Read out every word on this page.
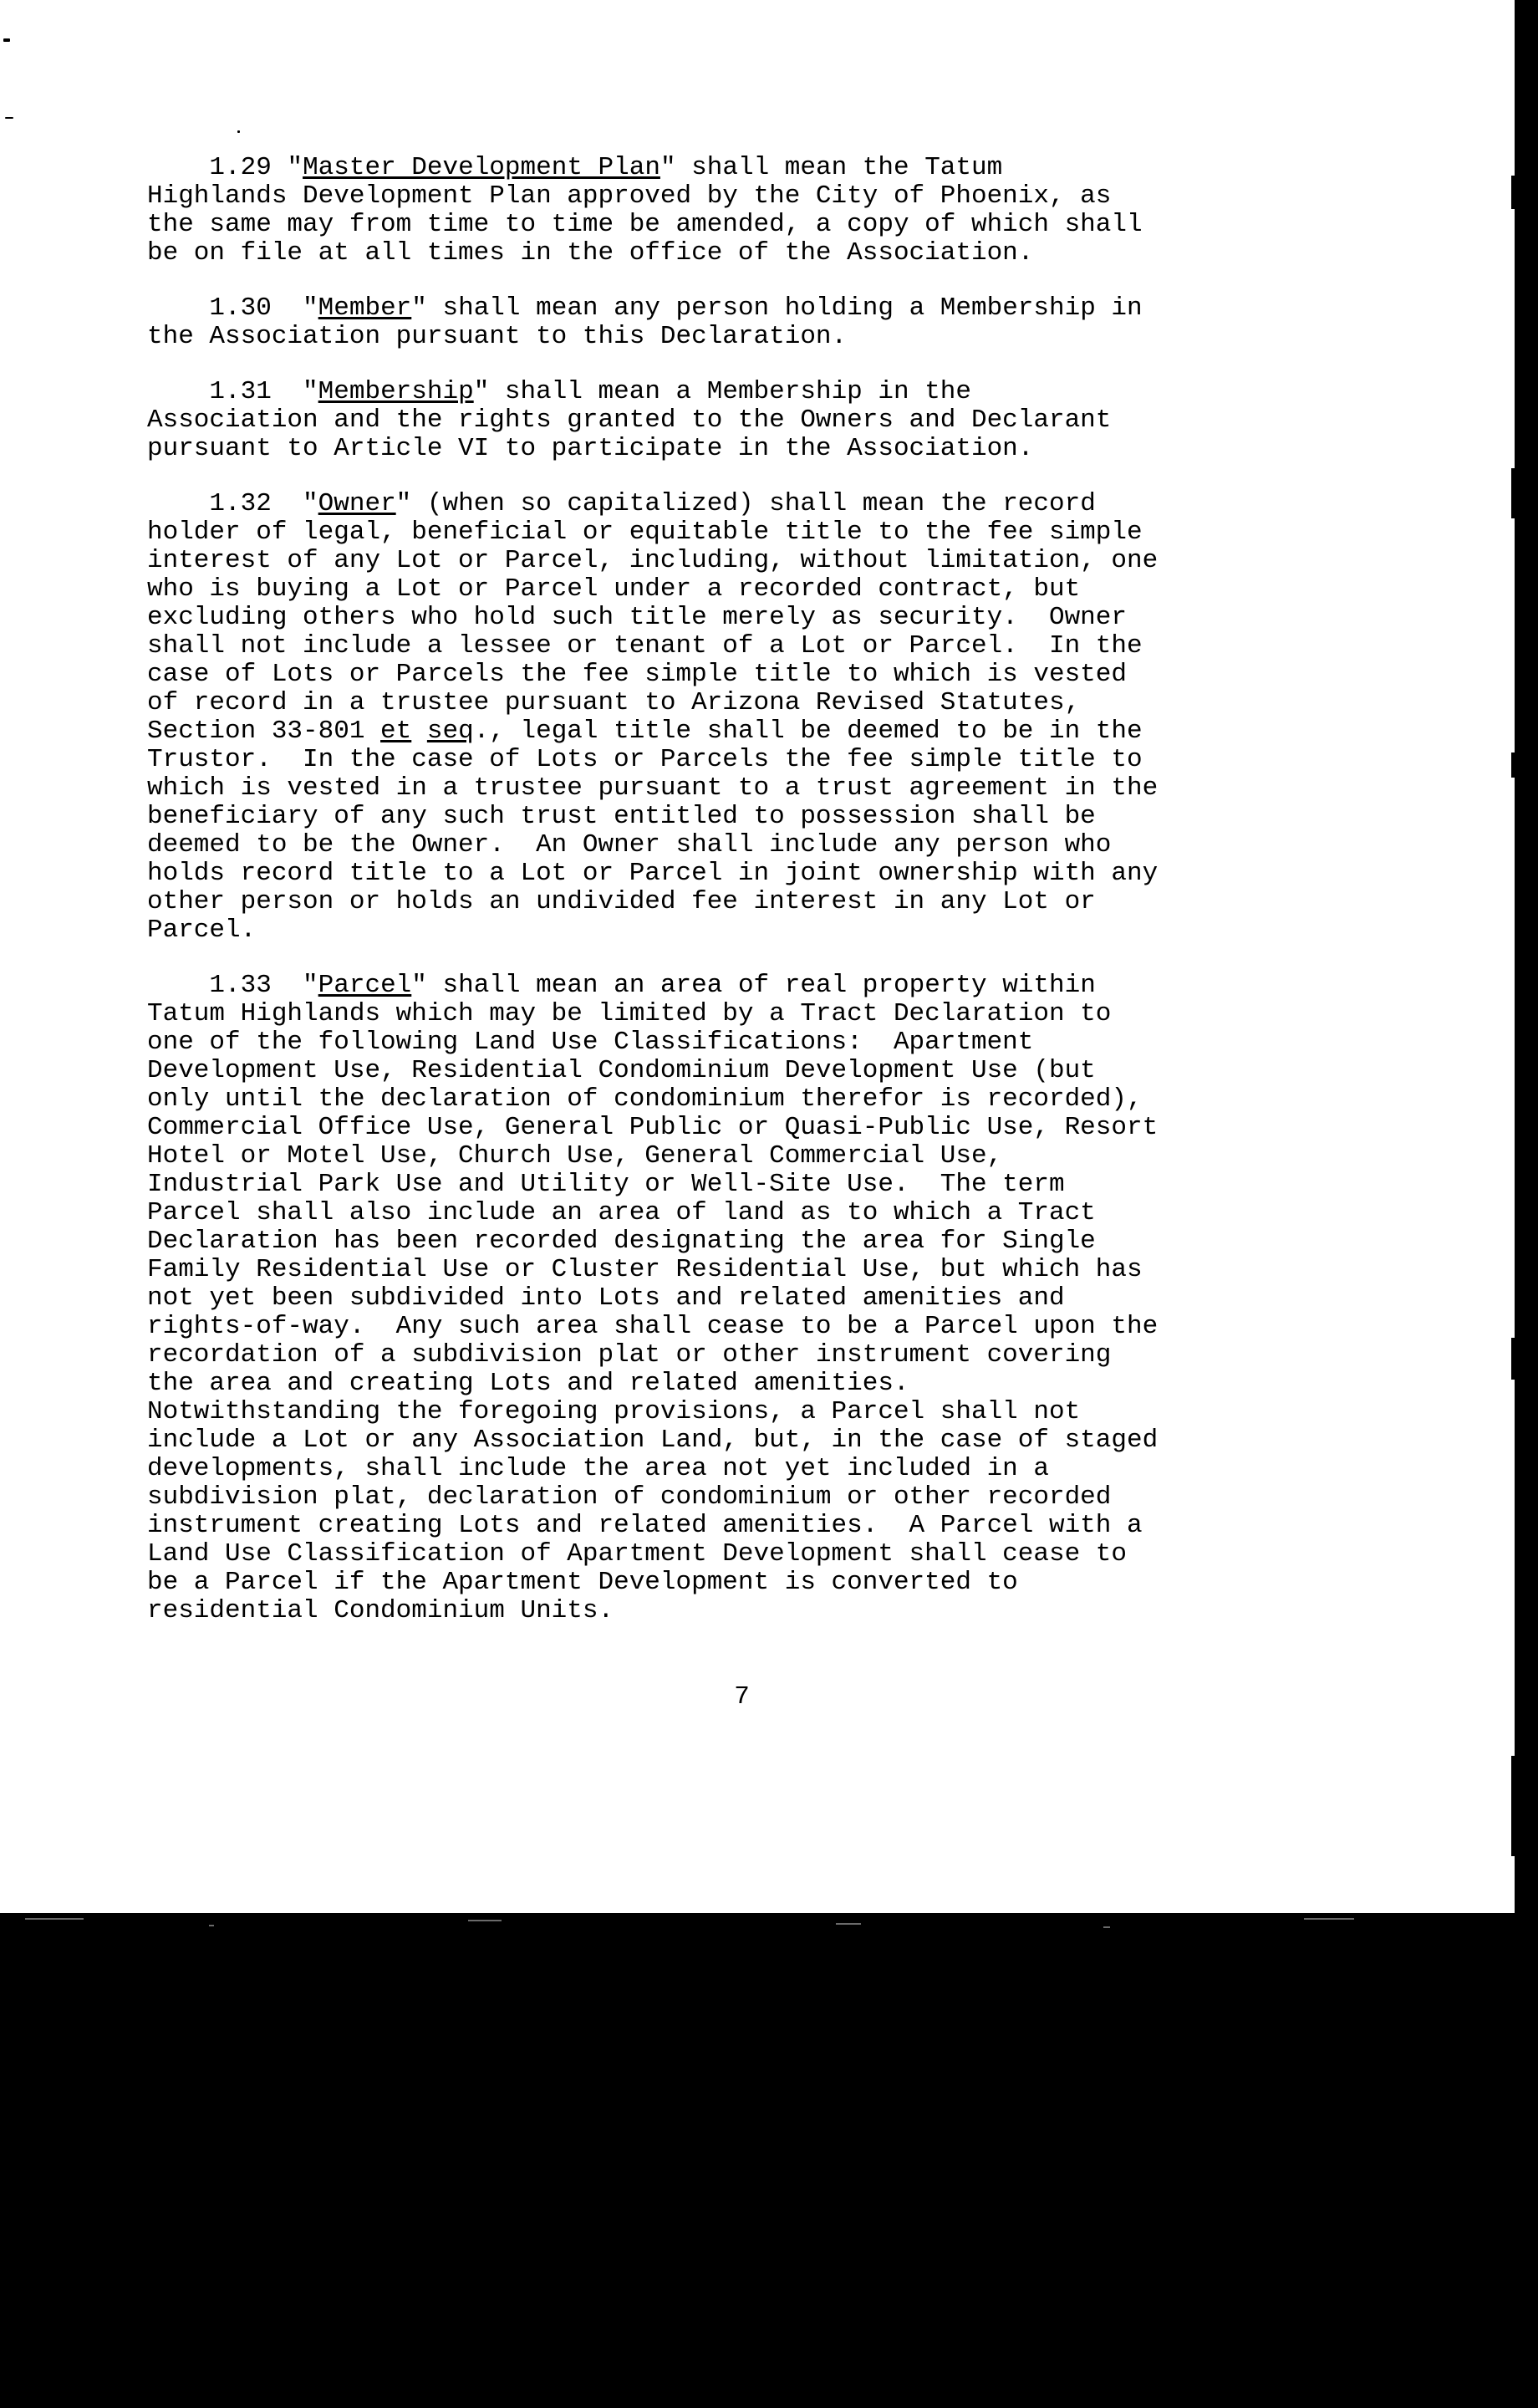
1.29 "Master Development Plan" shall mean the Tatum
Highlands Development Plan approved by the City of Phoenix, as
the same may from time to time be amended, a copy of which shall
be on file at all times in the office of the Association.

1.30  "Member" shall mean any person holding a Membership in
the Association pursuant to this Declaration.

1.31  "Membership" shall mean a Membership in the
Association and the rights granted to the Owners and Declarant
pursuant to Article VI to participate in the Association.

1.32  "Owner" (when so capitalized) shall mean the record
holder of legal, beneficial or equitable title to the fee simple
interest of any Lot or Parcel, including, without limitation, one
who is buying a Lot or Parcel under a recorded contract, but
excluding others who hold such title merely as security.  Owner
shall not include a lessee or tenant of a Lot or Parcel.  In the
case of Lots or Parcels the fee simple title to which is vested
of record in a trustee pursuant to Arizona Revised Statutes,
Section 33-801 et seq., legal title shall be deemed to be in the
Trustor.  In the case of Lots or Parcels the fee simple title to
which is vested in a trustee pursuant to a trust agreement in the
beneficiary of any such trust entitled to possession shall be
deemed to be the Owner.  An Owner shall include any person who
holds record title to a Lot or Parcel in joint ownership with any
other person or holds an undivided fee interest in any Lot or
Parcel.

1.33  "Parcel" shall mean an area of real property within
Tatum Highlands which may be limited by a Tract Declaration to
one of the following Land Use Classifications:  Apartment
Development Use, Residential Condominium Development Use (but
only until the declaration of condominium therefor is recorded),
Commercial Office Use, General Public or Quasi-Public Use, Resort
Hotel or Motel Use, Church Use, General Commercial Use,
Industrial Park Use and Utility or Well-Site Use.  The term
Parcel shall also include an area of land as to which a Tract
Declaration has been recorded designating the area for Single
Family Residential Use or Cluster Residential Use, but which has
not yet been subdivided into Lots and related amenities and
rights-of-way.  Any such area shall cease to be a Parcel upon the
recordation of a subdivision plat or other instrument covering
the area and creating Lots and related amenities.
Notwithstanding the foregoing provisions, a Parcel shall not
include a Lot or any Association Land, but, in the case of staged
developments, shall include the area not yet included in a
subdivision plat, declaration of condominium or other recorded
instrument creating Lots and related amenities.  A Parcel with a
Land Use Classification of Apartment Development shall cease to
be a Parcel if the Apartment Development is converted to
residential Condominium Units.

7
